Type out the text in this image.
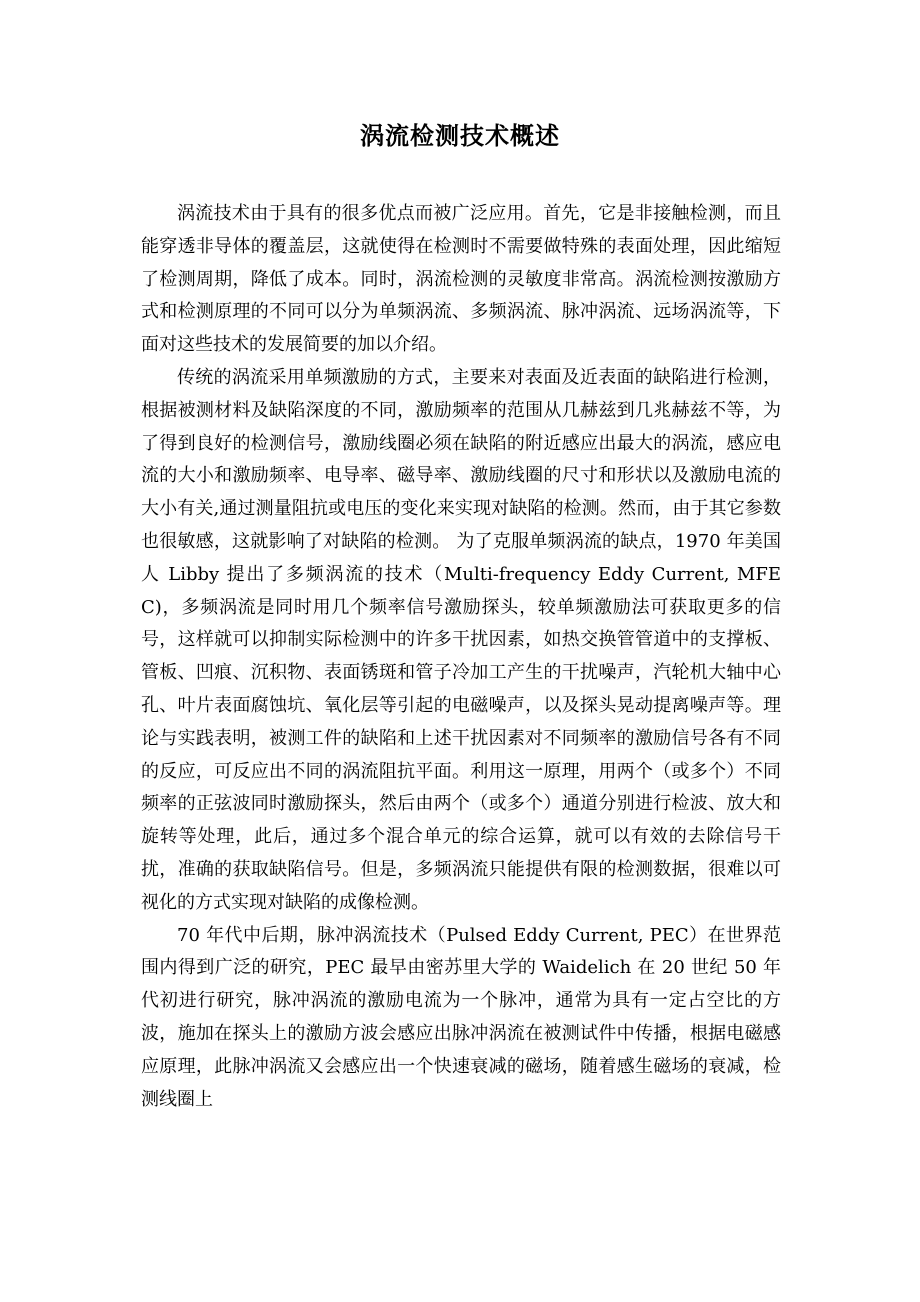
涡流检测技术概述

涡流技术由于具有的很多优点而被广泛应用。首先，它是非接触检测，而且能穿透非导体的覆盖层，这就使得在检测时不需要做特殊的表面处理，因此缩短了检测周期，降低了成本。同时，涡流检测的灵敏度非常高。涡流检测按激励方式和检测原理的不同可以分为单频涡流、多频涡流、脉冲涡流、远场涡流等，下面对这些技术的发展简要的加以介绍。

传统的涡流采用单频激励的方式，主要来对表面及近表面的缺陷进行检测，根据被测材料及缺陷深度的不同，激励频率的范围从几赫兹到几兆赫兹不等，为了得到良好的检测信号，激励线圈必须在缺陷的附近感应出最大的涡流，感应电流的大小和激励频率、电导率、磁导率、激励线圈的尺寸和形状以及激励电流的大小有关,通过测量阻抗或电压的变化来实现对缺陷的检测。然而，由于其它参数也很敏感，这就影响了对缺陷的检测。 为了克服单频涡流的缺点，1970 年美国人 Libby 提出了多频涡流的技术（Multi-frequency Eddy Current, MFEC)，多频涡流是同时用几个频率信号激励探头，较单频激励法可获取更多的信号，这样就可以抑制实际检测中的许多干扰因素，如热交换管管道中的支撑板、管板、凹痕、沉积物、表面锈斑和管子冷加工产生的干扰噪声，汽轮机大轴中心孔、叶片表面腐蚀坑、氧化层等引起的电磁噪声，以及探头晃动提离噪声等。理论与实践表明，被测工件的缺陷和上述干扰因素对不同频率的激励信号各有不同的反应，可反应出不同的涡流阻抗平面。利用这一原理，用两个（或多个）不同频率的正弦波同时激励探头，然后由两个（或多个）通道分别进行检波、放大和旋转等处理，此后，通过多个混合单元的综合运算，就可以有效的去除信号干扰，准确的获取缺陷信号。但是，多频涡流只能提供有限的检测数据，很难以可视化的方式实现对缺陷的成像检测。

70 年代中后期，脉冲涡流技术（Pulsed Eddy Current, PEC）在世界范围内得到广泛的研究，PEC 最早由密苏里大学的 Waidelich 在 20 世纪 50 年代初进行研究，脉冲涡流的激励电流为一个脉冲，通常为具有一定占空比的方波，施加在探头上的激励方波会感应出脉冲涡流在被测试件中传播，根据电磁感应原理，此脉冲涡流又会感应出一个快速衰减的磁场，随着感生磁场的衰减，检测线圈上
